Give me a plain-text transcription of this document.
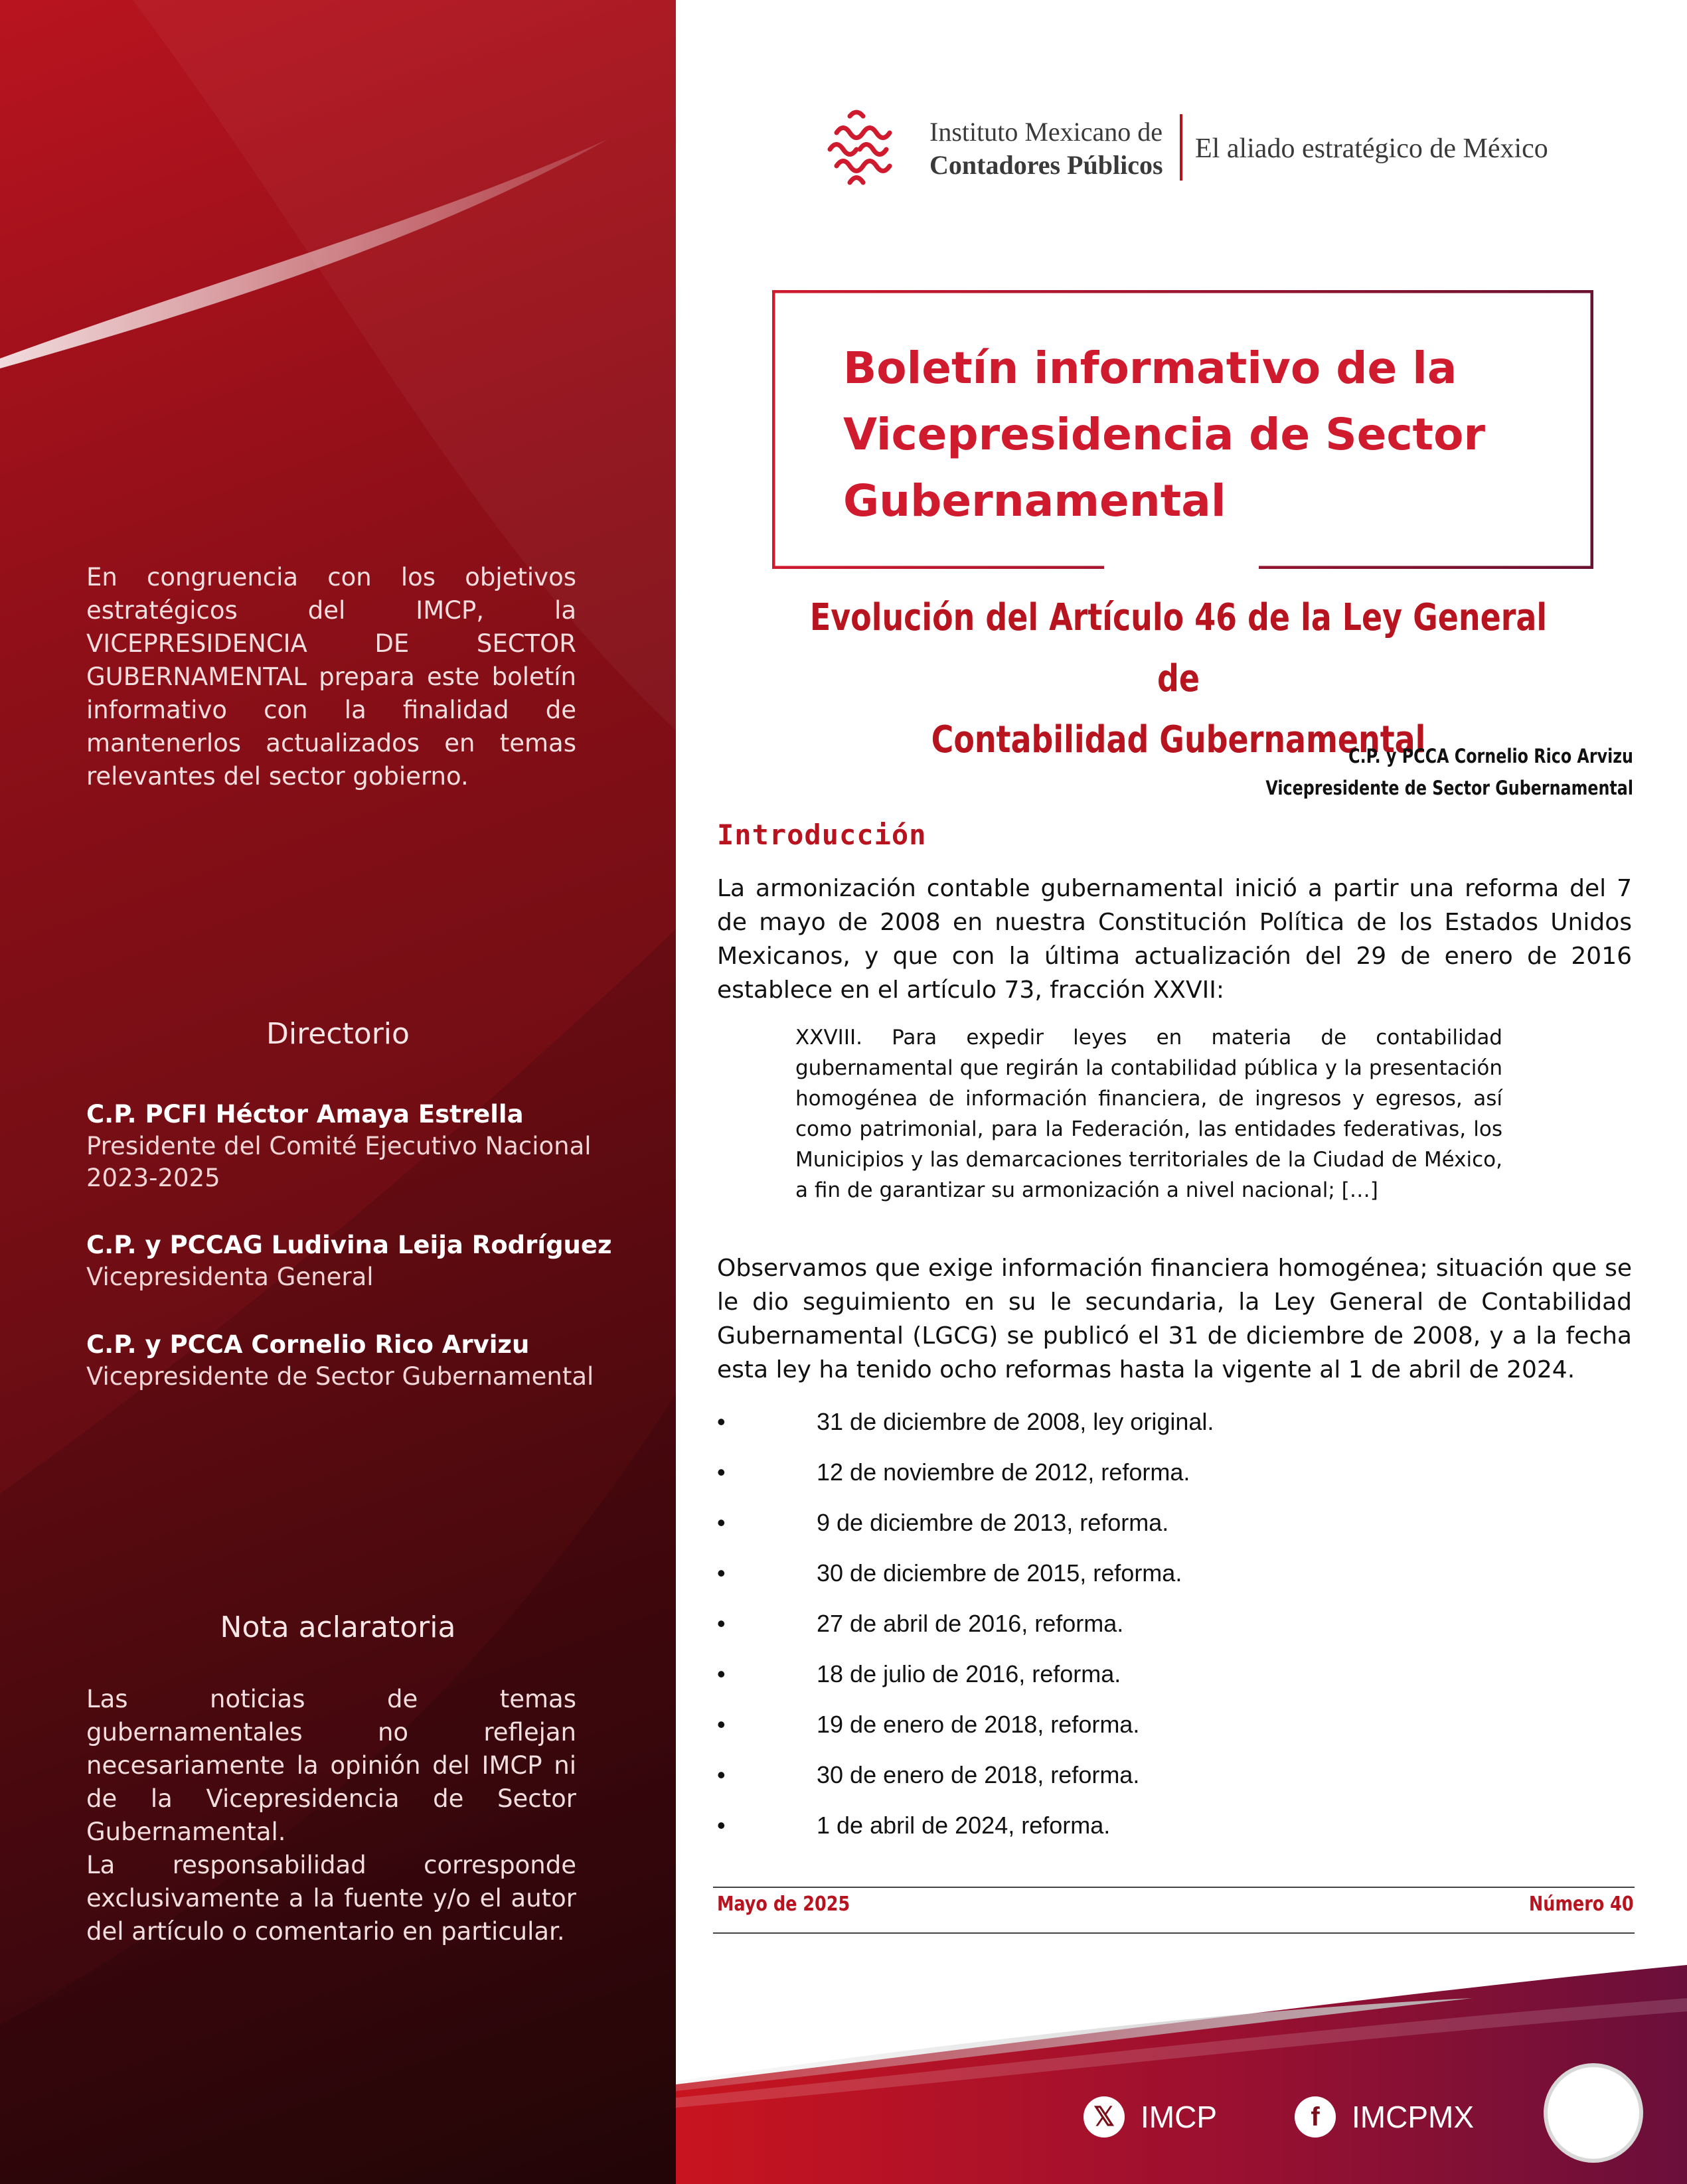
En congruencia con los objetivos estratégicos del IMCP, la VICEPRESIDENCIA DE SECTOR GUBERNAMENTAL prepara este boletín informativo con la finalidad de mantenerlos actualizados en temas relevantes del sector gobierno.
Directorio
C.P. PCFI Héctor Amaya Estrella
Presidente del Comité Ejecutivo Nacional
2023-2025
C.P. y PCCAG Ludivina Leija Rodríguez
Vicepresidenta General
C.P. y PCCA Cornelio Rico Arvizu
Vicepresidente de Sector Gubernamental
Nota aclaratoria
Las noticias de temas gubernamentales no reflejan necesariamente la opinión del IMCP ni de la Vicepresidencia de Sector Gubernamental.
La responsabilidad corresponde exclusivamente a la fuente y/o el autor del artículo o comentario en particular.
Instituto Mexicano de
Contadores Públicos
El aliado estratégico de México
Boletín informativo de la
Vicepresidencia de Sector
Gubernamental
Evolución del Artículo 46 de la Ley General de
Contabilidad Gubernamental
C.P. y PCCA Cornelio Rico Arvizu
Vicepresidente de Sector Gubernamental
Introducción
La armonización contable gubernamental inició a partir una reforma del 7 de mayo de 2008 en nuestra Constitución Política de los Estados Unidos Mexicanos, y que con la última actualización del 29 de enero de 2016 establece en el artículo 73, fracción XXVII:
XXVIII. Para expedir leyes en materia de contabilidad gubernamental que regirán la contabilidad pública y la presentación homogénea de información financiera, de ingresos y egresos, así como patrimonial, para la Federación, las entidades federativas, los Municipios y las demarcaciones territoriales de la Ciudad de México, a fin de garantizar su armonización a nivel nacional; […]
Observamos que exige información financiera homogénea; situación que se le dio seguimiento en su le secundaria, la Ley General de Contabilidad Gubernamental (LGCG) se publicó el 31 de diciembre de 2008, y a la fecha esta ley ha tenido ocho reformas hasta la vigente al 1 de abril de 2024.
•	31 de diciembre de 2008, ley original.
•	12 de noviembre de 2012, reforma.
•	9 de diciembre de 2013, reforma.
•	30 de diciembre de 2015, reforma.
•	27 de abril de 2016, reforma.
•	18 de julio de 2016, reforma.
•	19 de enero de 2018, reforma.
•	30 de enero de 2018, reforma.
•	1 de abril de 2024, reforma.
Mayo de 2025	Número 40
𝕏 IMCP	f	IMCPMX
